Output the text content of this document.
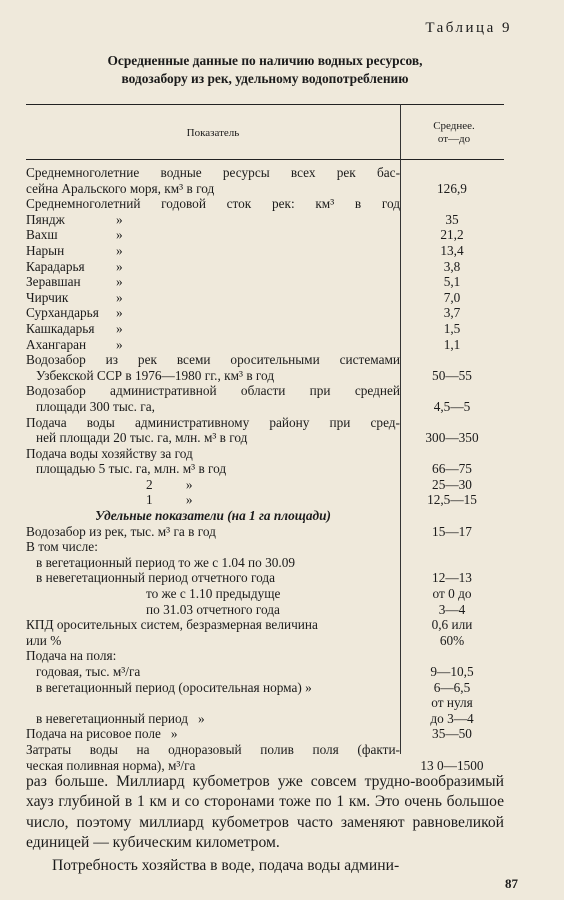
Таблица 9
Осредненные данные по наличию водных ресурсов,
водозабору из рек, удельному водопотреблению
Показатель
Среднее.
от—до
Среднемноголетние водные ресурсы всех рек бас-
сейна Аральского моря, км³ в год	126,9
Среднемноголетний годовой сток рек: км³ в год
Пяндж	»	35
Вахш	»	21,2
Нарын	»	13,4
Карадарья	»	3,8
Зеравшан	»	5,1
Чирчик	»	7,0
Сурхандарья	»	3,7
Кашкадарья	»	1,5
Ахангаран	»	1,1
Водозабор из рек всеми оросительными системами
Узбекской ССР в 1976—1980 гг., км³ в год	50—55
Водозабор административной области при средней
площади 300 тыс. га,	4,5—5
Подача воды административному району при сред-
ней площади 20 тыс. га, млн. м³ в год	300—350
Подача воды хозяйству за год
площадью 5 тыс. га, млн. м³ в год	66—75
2          »	25—30
1          »	12,5—15
Удельные показатели (на 1 га площади)
Водозабор из рек, тыс. м³ га в год	15—17
В том числе:
в вегетационный период то же с 1.04 по 30.09
в невегетационный период отчетного года	12—13
то же с 1.10 предыдуще	от 0 до
по 31.03 отчетного года	3—4
КПД оросительных систем, безразмерная величина	0,6 или
или %	60%
Подача на поля:
годовая, тыс. м³/га	9—10,5
в вегетационный период (оросительная норма) »	6—6,5
от нуля
в невегетационный период   »	до 3—4
Подача на рисовое поле   »	35—50
Затраты воды на одноразовый полив поля (факти-
ческая поливная норма), м³/га	13 0—1500

раз больше. Миллиард кубометров уже совсем трудно-вообразимый хауз глубиной в 1 км и со сторонами тоже по 1 км. Это очень большое число, поэтому миллиард кубометров часто заменяют равновеликой единицей — кубическим километром.

Потребность хозяйства в воде, подача воды админи-

87
